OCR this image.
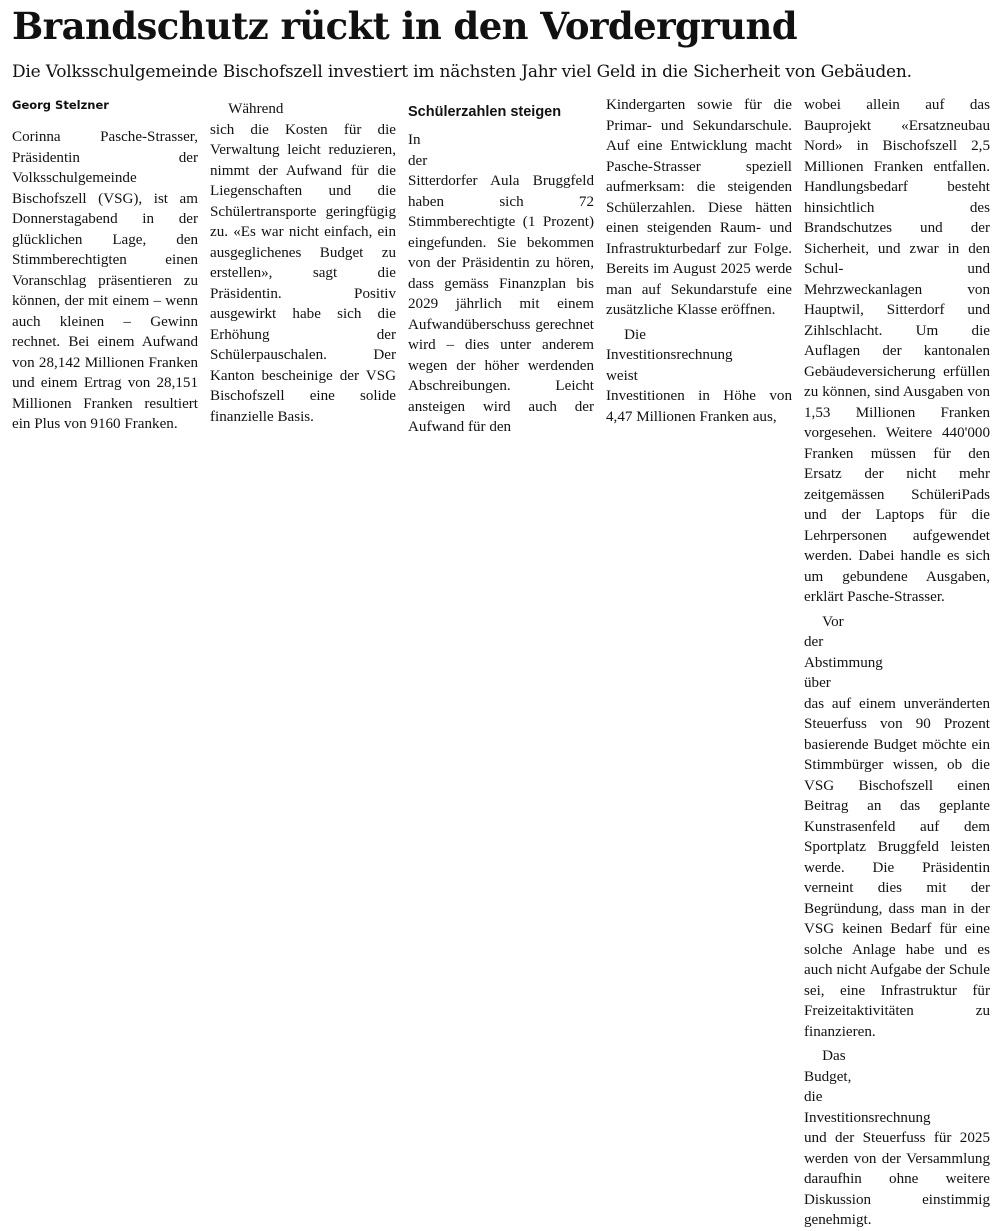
Brandschutz rückt in den Vordergrund

Die Volksschulgemeinde Bischofszell investiert im nächsten Jahr viel Geld in die Sicherheit von Gebäuden.

Georg Stelzner

Corinna Pasche-Strasser, Präsidentin der Volksschulgemeinde Bischofszell (VSG), ist am Donnerstagabend in der glücklichen Lage, den Stimmberechtigten einen Voranschlag präsentieren zu können, der mit einem – wenn auch kleinen – Gewinn rechnet. Bei einem Aufwand von 28,142 Millionen Franken und einem Ertrag von 28,151 Millionen Franken resultiert ein Plus von 9160 Franken.

Während

sich die Kosten für die Verwaltung leicht reduzieren, nimmt der Aufwand für die Liegenschaften und die Schülertransporte geringfügig zu. «Es war nicht einfach, ein ausgeglichenes Budget zu erstellen», sagt die Präsidentin. Positiv ausgewirkt habe sich die Erhöhung der Schülerpauschalen. Der Kanton bescheinige der VSG Bischofszell eine solide finanzielle Basis.

Schülerzahlen steigen

In

der

Sitterdorfer Aula Bruggfeld haben sich 72 Stimmberechtigte (1 Prozent) eingefunden. Sie bekommen von der Präsidentin zu hören, dass gemäss Finanzplan bis 2029 jährlich mit einem Aufwandüberschuss gerechnet wird – dies unter anderem wegen der höher werdenden Abschreibungen. Leicht ansteigen wird auch der Aufwand für den

Kindergarten sowie für die Primar- und Sekundarschule. Auf eine Entwicklung macht Pasche-Strasser speziell aufmerksam: die steigenden Schülerzahlen. Diese hätten einen steigenden Raum- und Infrastrukturbedarf zur Folge. Bereits im August 2025 werde man auf Sekundarstufe eine zusätzliche Klasse eröffnen.

Die

Investitionsrechnung

weist

Investitionen in Höhe von 4,47 Millionen Franken aus,

wobei allein auf das Bauprojekt «Ersatzneubau Nord» in Bischofszell 2,5 Millionen Franken entfallen. Handlungsbedarf besteht hinsichtlich des Brandschutzes und der Sicherheit, und zwar in den Schul- und Mehrzweckanlagen von Hauptwil, Sitterdorf und Zihlschlacht. Um die Auflagen der kantonalen Gebäudeversicherung erfüllen zu können, sind Ausgaben von 1,53 Millionen Franken vorgesehen. Weitere 440'000 Franken müssen für den Ersatz der nicht mehr zeitgemässen SchüleriPads und der Laptops für die Lehrpersonen aufgewendet werden. Dabei handle es sich um gebundene Ausgaben, erklärt Pasche-Strasser.

Vor

der

Abstimmung

über

das auf einem unveränderten Steuerfuss von 90 Prozent basierende Budget möchte ein Stimmbürger wissen, ob die VSG Bischofszell einen Beitrag an das geplante Kunstrasenfeld auf dem Sportplatz Bruggfeld leisten werde. Die Präsidentin verneint dies mit der Begründung, dass man in der VSG keinen Bedarf für eine solche Anlage habe und es auch nicht Aufgabe der Schule sei, eine Infrastruktur für Freizeitaktivitäten zu finanzieren.

Das

Budget,

die

Investitionsrechnung

und der Steuerfuss für 2025 werden von der Versammlung daraufhin ohne weitere Diskussion einstimmig genehmigt.
